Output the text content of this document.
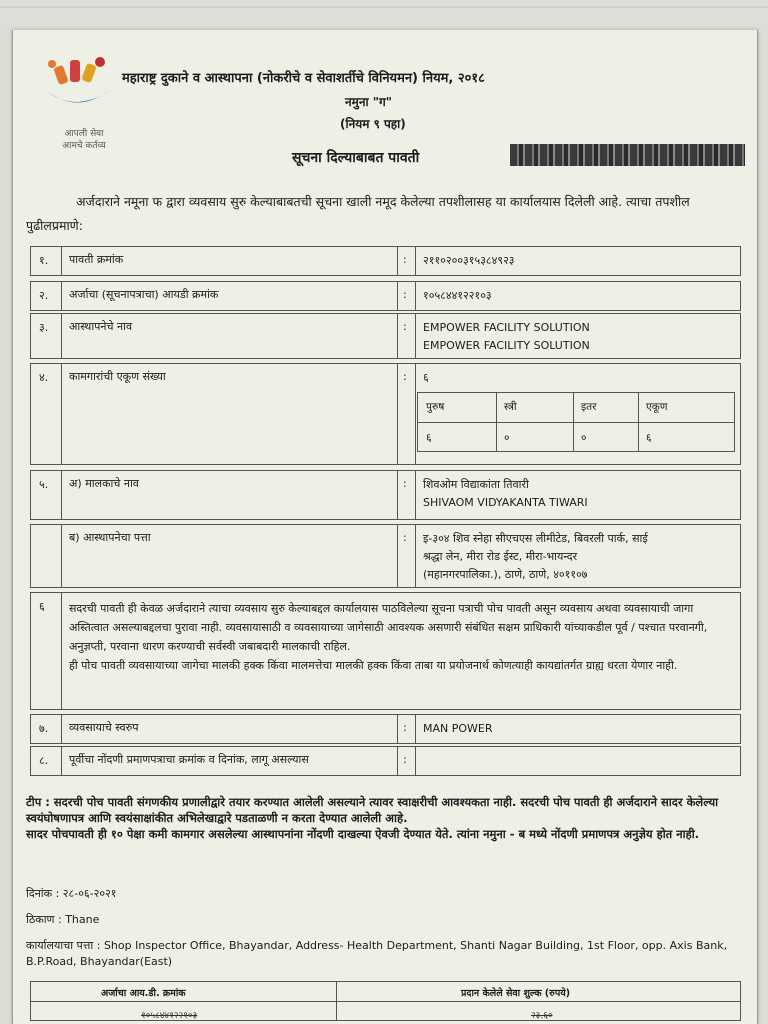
आपली सेवा
आमचे कर्तव्य
महाराष्ट्र दुकाने व आस्थापना (नोकरीचे व सेवाशर्तीचे विनियमन) नियम, २०१८
नमुना "ग"
(नियम ९ पहा)
सूचना दिल्याबाबत पावती
अर्जदाराने नमूना फ द्वारा व्यवसाय सुरु केल्याबाबतची सूचना खाली नमूद केलेल्या तपशीलासह या कार्यालयास दिलेली आहे. त्याचा तपशील पुढीलप्रमाणे:
१. पावती क्रमांक	: २११०२००३१५३८४९२३
२. अर्जाचा (सूचनापत्राचा) आयडी क्रमांक	: १०५८४४१२२१०३
३. आस्थापनेचे नाव	: EMPOWER FACILITY SOLUTION
EMPOWER FACILITY SOLUTION
४. कामगारांची एकूण संख्या	: ६
पुरुष	स्त्री	इतर	एकूण
६	०	०	६
५. अ) मालकाचे नाव	: शिवओम विद्याकांता तिवारी
SHIVAOM VIDYAKANTA TIWARI
ब) आस्थापनेचा पत्ता	: इ-३०४ शिव स्नेहा सीएचएस लीमीटेड, बिवरली पार्क, साई
श्रद्धा लेन, मीरा रोड ईस्ट, मीरा-भायन्दर
(महानगरपालिका.), ठाणे, ठाणे, ४०११०७
६ सदरची पावती ही केवळ अर्जदाराने त्याचा व्यवसाय सुरु केल्याबद्दल कार्यालयास पाठविलेल्या सूचना पत्राची पोच पावती असून व्यवसाय अथवा व्यवसायाची जागा अस्तित्वात असल्याबद्दलचा पुरावा नाही. व्यवसायासाठी व व्यवसायाच्या जागेसाठी आवश्यक असणारी संबंधित सक्षम प्राधिकारी यांच्याकडील पूर्व / पश्चात परवानगी, अनुज्ञप्ती, परवाना धारण करण्याची सर्वस्वी जबाबदारी मालकाची राहिल.
ही पोच पावती व्यवसायाच्या जागेचा मालकी हक्क किंवा मालमत्तेचा मालकी हक्क किंवा ताबा या प्रयोजनार्थ कोणत्याही कायद्यांतर्गत ग्राह्य धरता येणार नाही.
७. व्यवसायाचे स्वरुप	: MAN POWER
८. पूर्वीचा नोंदणी प्रमाणपत्राचा क्रमांक व दिनांक, लागू असल्यास	:
टीप : सदरची पोच पावती संगणकीय प्रणालीद्वारे तयार करण्यात आलेली असल्याने त्यावर स्वाक्षरीची आवश्यकता नाही. सदरची पोच पावती ही अर्जदाराने सादर केलेल्या स्वयंघोषणापत्र आणि स्वयंसाक्षांकीत अभिलेखाद्वारे पडताळणी न करता देण्यात आलेली आहे.
सादर पोचपावती ही १० पेक्षा कमी कामगार असलेल्या आस्थापनांना नोंदणी दाखल्या ऐवजी देण्यात येते. त्यांना नमुना - ब मध्ये नोंदणी प्रमाणपत्र अनुज्ञेय होत नाही.
दिनांक : २८-०६-२०२१
ठिकाण : Thane
कार्यालयाचा पत्ता : Shop Inspector Office, Bhayandar, Address- Health Department, Shanti Nagar Building, 1st Floor, opp. Axis Bank, B.P.Road, Bhayandar(East)
अर्जाचा आय.डी. क्रमांक	प्रदान केलेले सेवा शुल्क (रुपये)
१०५८४४१२२१०३	२३.६०
